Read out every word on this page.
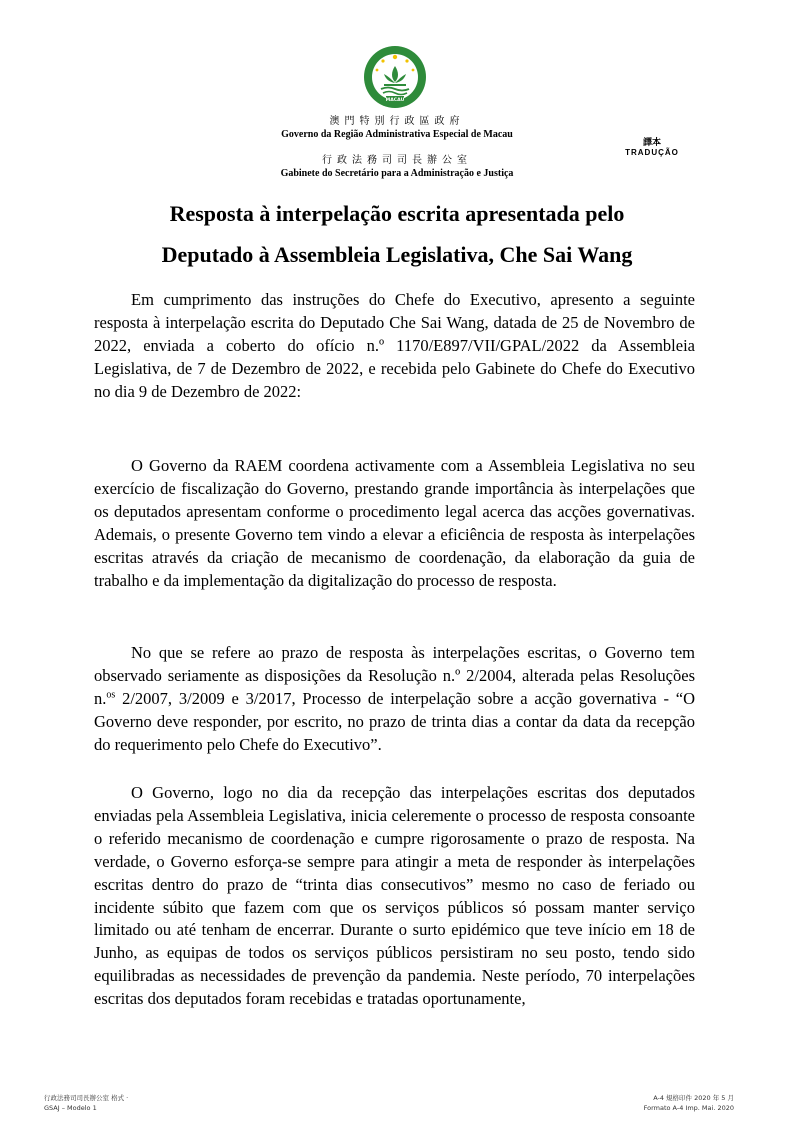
MACAU
澳門特別行政區政府
Governo da Região Administrativa Especial de Macau
行政法務司司長辦公室
Gabinete do Secretário para a Administração e Justiça
譯本
TRADUÇÃO
Resposta à interpelação escrita apresentada pelo
Deputado à Assembleia Legislativa, Che Sai Wang

Em cumprimento das instruções do Chefe do Executivo, apresento a seguinte resposta à interpelação escrita do Deputado Che Sai Wang, datada de 25 de Novembro de 2022, enviada a coberto do ofício n.º 1170/E897/VII/GPAL/2022 da Assembleia Legislativa, de 7 de Dezembro de 2022, e recebida pelo Gabinete do Chefe do Executivo no dia 9 de Dezembro de 2022:

O Governo da RAEM coordena activamente com a Assembleia Legislativa no seu exercício de fiscalização do Governo, prestando grande importância às interpelações que os deputados apresentam conforme o procedimento legal acerca das acções governativas. Ademais, o presente Governo tem vindo a elevar a eficiência de resposta às interpelações escritas através da criação de mecanismo de coordenação, da elaboração da guia de trabalho e da implementação da digitalização do processo de resposta.

No que se refere ao prazo de resposta às interpelações escritas, o Governo tem observado seriamente as disposições da Resolução n.º 2/2004, alterada pelas Resoluções n.$^{os}$ 2/2007, 3/2009 e 3/2017, Processo de interpelação sobre a acção governativa - “O Governo deve responder, por escrito, no prazo de trinta dias a contar da data da recepção do requerimento pelo Chefe do Executivo”.

O Governo, logo no dia da recepção das interpelações escritas dos deputados enviadas pela Assembleia Legislativa, inicia celeremente o processo de resposta consoante o referido mecanismo de coordenação e cumpre rigorosamente o prazo de resposta. Na verdade, o Governo esforça-se sempre para atingir a meta de responder às interpelações escritas dentro do prazo de “trinta dias consecutivos” mesmo no caso de feriado ou incidente súbito que fazem com que os serviços públicos só possam manter serviço limitado ou até tenham de encerrar. Durante o surto epidémico que teve início em 18 de Junho, as equipas de todos os serviços públicos persistiram no seu posto, tendo sido equilibradas as necessidades de prevenção da pandemia. Neste período, 70 interpelações escritas dos deputados foram recebidas e tratadas oportunamente,

行政法務司司長辦公室 格式 ·
GSAJ – Modelo 1
A-4 規格印件 2020 年 5 月
Formato A-4 Imp. Mai. 2020
